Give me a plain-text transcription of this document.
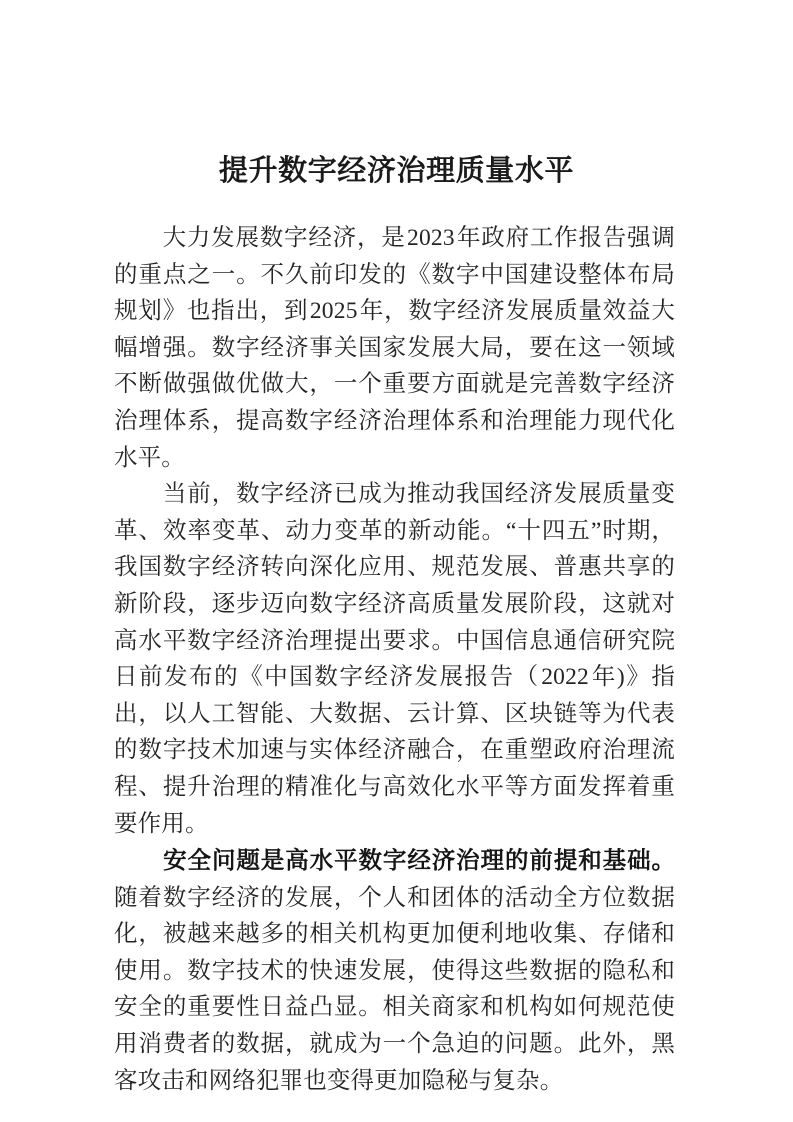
提升数字经济治理质量水平

大力发展数字经济，是2023年政府工作报告强调的重点之一。不久前印发的《数字中国建设整体布局规划》也指出，到2025年，数字经济发展质量效益大幅增强。数字经济事关国家发展大局，要在这一领域不断做强做优做大，一个重要方面就是完善数字经济治理体系，提高数字经济治理体系和治理能力现代化水平。

当前，数字经济已成为推动我国经济发展质量变革、效率变革、动力变革的新动能。“十四五”时期，我国数字经济转向深化应用、规范发展、普惠共享的新阶段，逐步迈向数字经济高质量发展阶段，这就对高水平数字经济治理提出要求。中国信息通信研究院日前发布的《中国数字经济发展报告（2022年)》指出，以人工智能、大数据、云计算、区块链等为代表的数字技术加速与实体经济融合，在重塑政府治理流程、提升治理的精准化与高效化水平等方面发挥着重要作用。

安全问题是高水平数字经济治理的前提和基础。随着数字经济的发展，个人和团体的活动全方位数据化，被越来越多的相关机构更加便利地收集、存储和使用。数字技术的快速发展，使得这些数据的隐私和安全的重要性日益凸显。相关商家和机构如何规范使用消费者的数据，就成为一个急迫的问题。此外，黑客攻击和网络犯罪也变得更加隐秘与复杂。
